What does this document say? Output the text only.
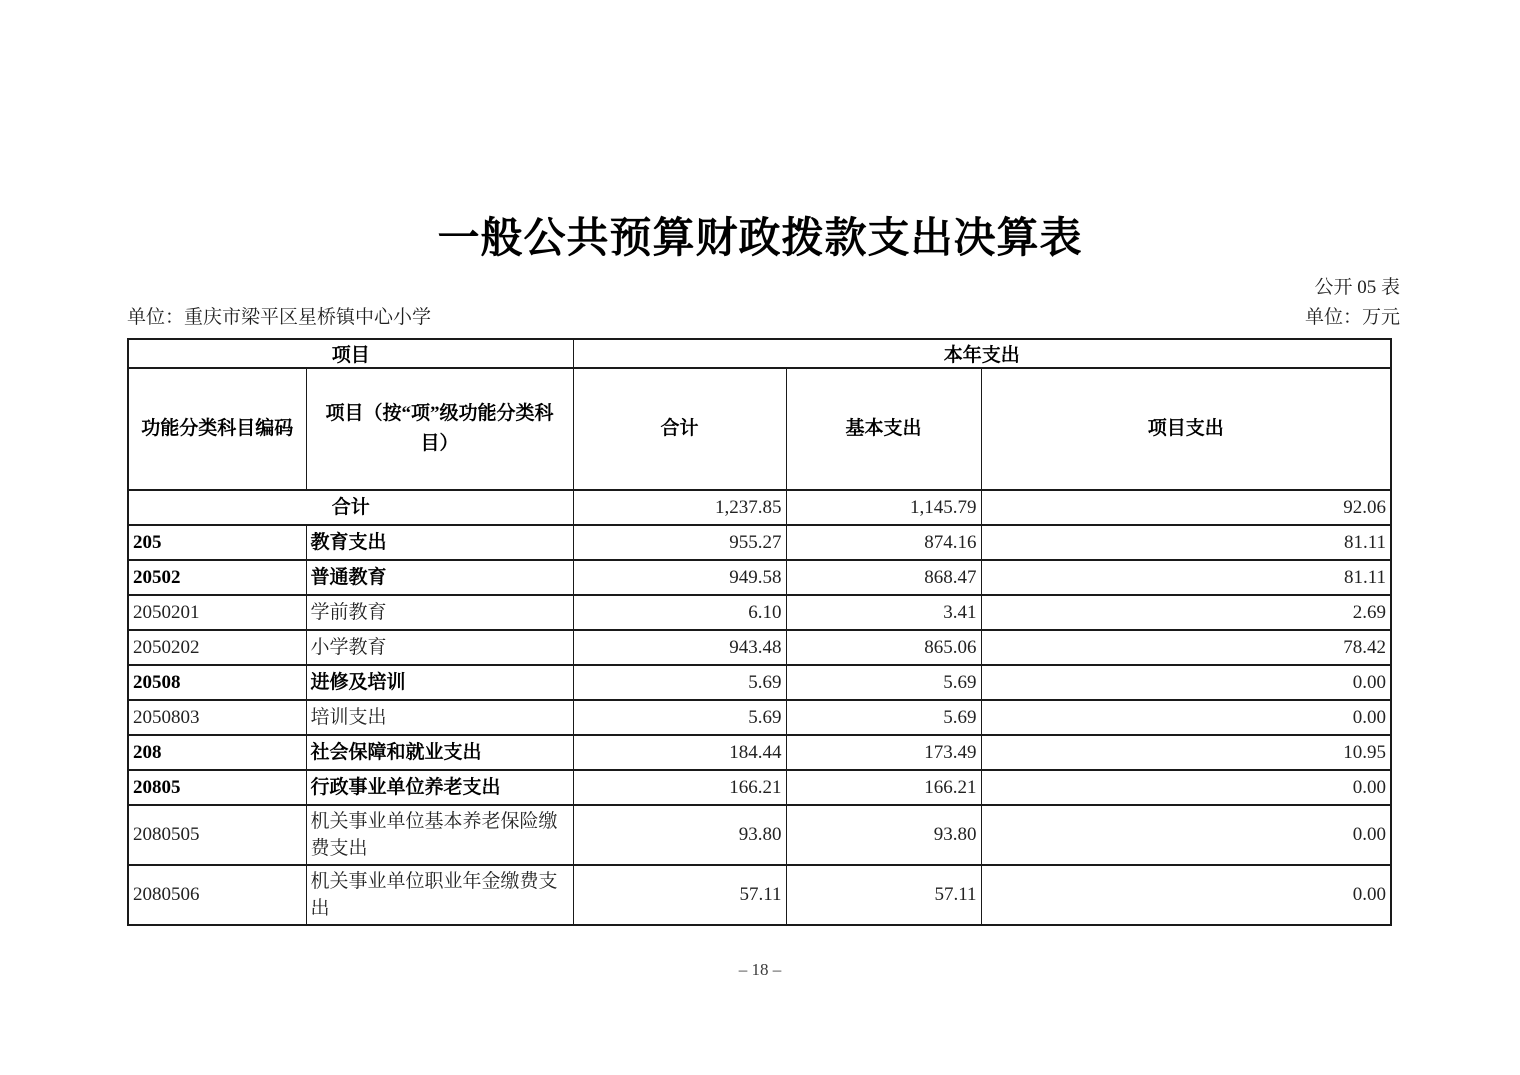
一般公共预算财政拨款支出决算表
公开 05 表
单位：重庆市梁平区星桥镇中心小学	单位：万元
项目		本年支出		
功能分类科目编码	项目（按“项”级功能分类科目）	合计	基本支出	项目支出
合计		1,237.85	1,145.79	92.06
205	教育支出	955.27	874.16	81.11
20502	普通教育	949.58	868.47	81.11
2050201	学前教育	6.10	3.41	2.69
2050202	小学教育	943.48	865.06	78.42
20508	进修及培训	5.69	5.69	0.00
2050803	培训支出	5.69	5.69	0.00
208	社会保障和就业支出	184.44	173.49	10.95
20805	行政事业单位养老支出	166.21	166.21	0.00
2080505	机关事业单位基本养老保险缴费支出	93.80	93.80	0.00
2080506	机关事业单位职业年金缴费支出	57.11	57.11	0.00
– 18 –
